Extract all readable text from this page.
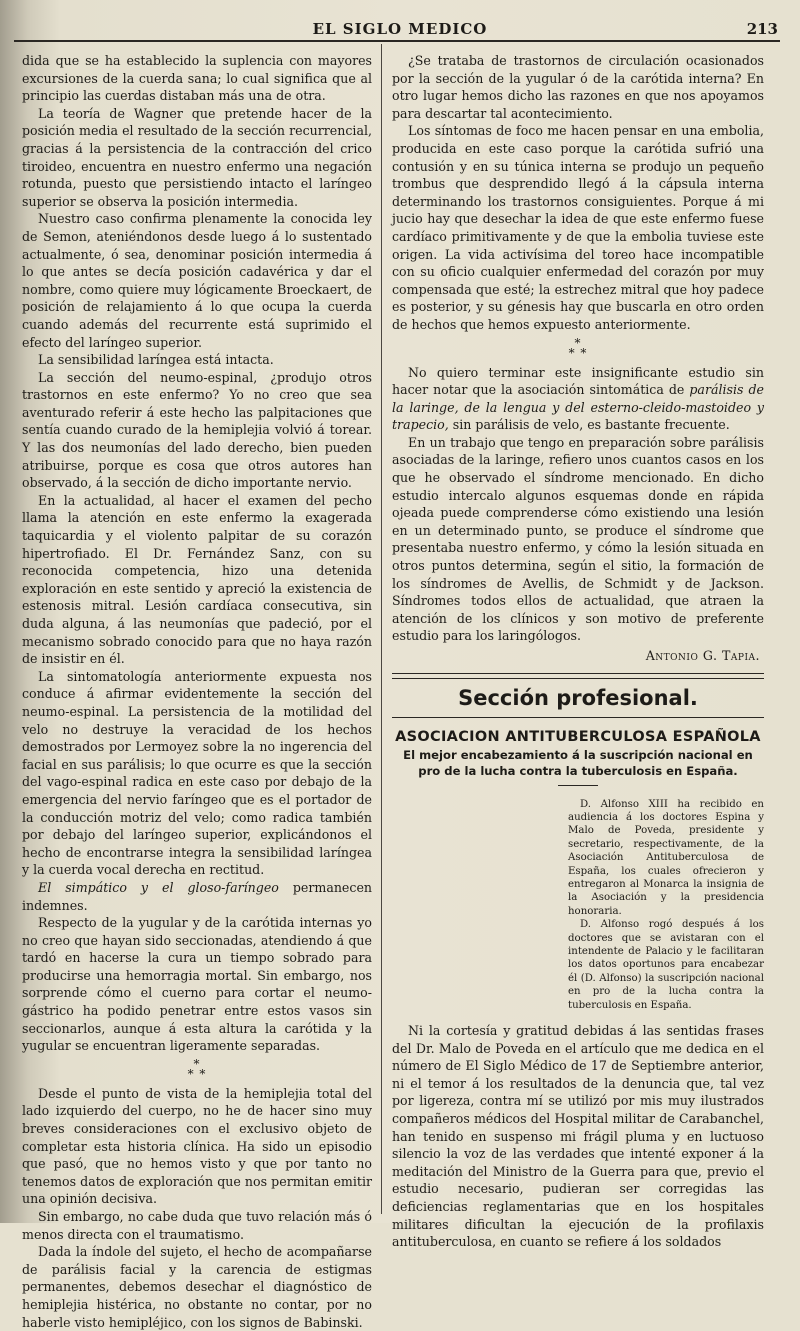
EL SIGLO MEDICO	213

dida que se ha establecido la suplencia con mayores excursiones de la cuerda sana; lo cual significa que al principio las cuerdas distaban más una de otra.

La teoría de Wagner que pretende hacer de la posición media el resultado de la sección recurrencial, gracias á la persistencia de la contracción del crico tiroideo, encuentra en nuestro enfermo una negación rotunda, puesto que persistiendo intacto el laríngeo superior se observa la posición intermedia.

Nuestro caso confirma plenamente la conocida ley de Semon, ateniéndonos desde luego á lo sustentado actualmente, ó sea, denominar posición intermedia á lo que antes se decía posición cadavérica y dar el nombre, como quiere muy lógicamente Broeckaert, de posición de relajamiento á lo que ocupa la cuerda cuando además del recurrente está suprimido el efecto del laríngeo superior.

La sensibilidad laríngea está intacta.

La sección del neumo-espinal, ¿produjo otros trastornos en este enfermo? Yo no creo que sea aventurado referir á este hecho las palpitaciones que sentía cuando curado de la hemiplejia volvió á torear. Y las dos neumonías del lado derecho, bien pueden atribuirse, porque es cosa que otros autores han observado, á la sección de dicho importante nervio.

En la actualidad, al hacer el examen del pecho llama la atención en este enfermo la exagerada taquicardia y el violento palpitar de su corazón hipertrofiado. El Dr. Fernández Sanz, con su reconocida competencia, hizo una detenida exploración en este sentido y apreció la existencia de estenosis mitral. Lesión cardíaca consecutiva, sin duda alguna, á las neumonías que padeció, por el mecanismo sobrado conocido para que no haya razón de insistir en él.

La sintomatología anteriormente expuesta nos conduce á afirmar evidentemente la sección del neumo-espinal. La persistencia de la motilidad del velo no destruye la veracidad de los hechos demostrados por Lermoyez sobre la no ingerencia del facial en sus parálisis; lo que ocurre es que la sección del vago-espinal radica en este caso por debajo de la emergencia del nervio faríngeo que es el portador de la conducción motriz del velo; como radica también por debajo del laríngeo superior, explicándonos el hecho de encontrarse integra la sensibilidad laríngea y la cuerda vocal derecha en rectitud.

El simpático y el gloso-faríngeo permanecen indemnes.

Respecto de la yugular y de la carótida internas yo no creo que hayan sido seccionadas, atendiendo á que tardó en hacerse la cura un tiempo sobrado para producirse una hemorragia mortal. Sin embargo, nos sorprende cómo el cuerno para cortar el neumo-gástrico ha podido penetrar entre estos vasos sin seccionarlos, aunque á esta altura la carótida y la yugular se encuentran ligeramente separadas.

*
* *

Desde el punto de vista de la hemiplejia total del lado izquierdo del cuerpo, no he de hacer sino muy breves consideraciones con el exclusivo objeto de completar esta historia clínica. Ha sido un episodio que pasó, que no hemos visto y que por tanto no tenemos datos de exploración que nos permitan emitir una opinión decisiva.

Sin embargo, no cabe duda que tuvo relación más ó menos directa con el traumatismo.

Dada la índole del sujeto, el hecho de acompañarse de parálisis facial y la carencia de estigmas permanentes, debemos desechar el diagnóstico de hemiplejia histérica, no obstante no contar, por no haberle visto hemipléjico, con los signos de Babinski.

¿Se trataba de trastornos de circulación ocasionados por la sección de la yugular ó de la carótida interna? En otro lugar hemos dicho las razones en que nos apoyamos para descartar tal acontecimiento.

Los síntomas de foco me hacen pensar en una embolia, producida en este caso porque la carótida sufrió una contusión y en su túnica interna se produjo un pequeño trombus que desprendido llegó á la cápsula interna determinando los trastornos consiguientes. Porque á mi jucio hay que desechar la idea de que este enfermo fuese cardíaco primitivamente y de que la embolia tuviese este origen. La vida activísima del toreo hace incompatible con su oficio cualquier enfermedad del corazón por muy compensada que esté; la estrechez mitral que hoy padece es posterior, y su génesis hay que buscarla en otro orden de hechos que hemos expuesto anteriormente.

*
* *

No quiero terminar este insignificante estudio sin hacer notar que la asociación sintomática de parálisis de la laringe, de la lengua y del esterno-cleido-mastoideo y trapecio, sin parálisis de velo, es bastante frecuente.

En un trabajo que tengo en preparación sobre parálisis asociadas de la laringe, refiero unos cuantos casos en los que he observado el síndrome mencionado. En dicho estudio intercalo algunos esquemas donde en rápida ojeada puede comprenderse cómo existiendo una lesión en un determinado punto, se produce el síndrome que presentaba nuestro enfermo, y cómo la lesión situada en otros puntos determina, según el sitio, la formación de los síndromes de Avellis, de Schmidt y de Jackson. Síndromes todos ellos de actualidad, que atraen la atención de los clínicos y son motivo de preferente estudio para los laringólogos.

Antonio G. Tapia.

Sección profesional.
ASOCIACION ANTITUBERCULOSA ESPAÑOLA
El mejor encabezamiento á la suscripción nacional en pro de la lucha contra la tuberculosis en España.

D. Alfonso XIII ha recibido en audiencia á los doctores Espina y Malo de Poveda, presidente y secretario, respectivamente, de la Asociación Antituberculosa de España, los cuales ofrecieron y entregaron al Monarca la insignia de la Asociación y la presidencia honoraria.

D. Alfonso rogó después á los doctores que se avistaran con el intendente de Palacio y le facilitaran los datos oportunos para encabezar él (D. Alfonso) la suscripción nacional en pro de la lucha contra la tuberculosis en España.

Ni la cortesía y gratitud debidas á las sentidas frases del Dr. Malo de Poveda en el artículo que me dedica en el número de El Siglo Médico de 17 de Septiembre anterior, ni el temor á los resultados de la denuncia que, tal vez por ligereza, contra mí se utilizó por mis muy ilustrados compañeros médicos del Hospital militar de Carabanchel, han tenido en suspenso mi frágil pluma y en luctuoso silencio la voz de las verdades que intenté exponer á la meditación del Ministro de la Guerra para que, previo el estudio necesario, pudieran ser corregidas las deficiencias reglamentarias que en los hospitales militares dificultan la ejecución de la profilaxis antituberculosa, en cuanto se refiere á los soldados
